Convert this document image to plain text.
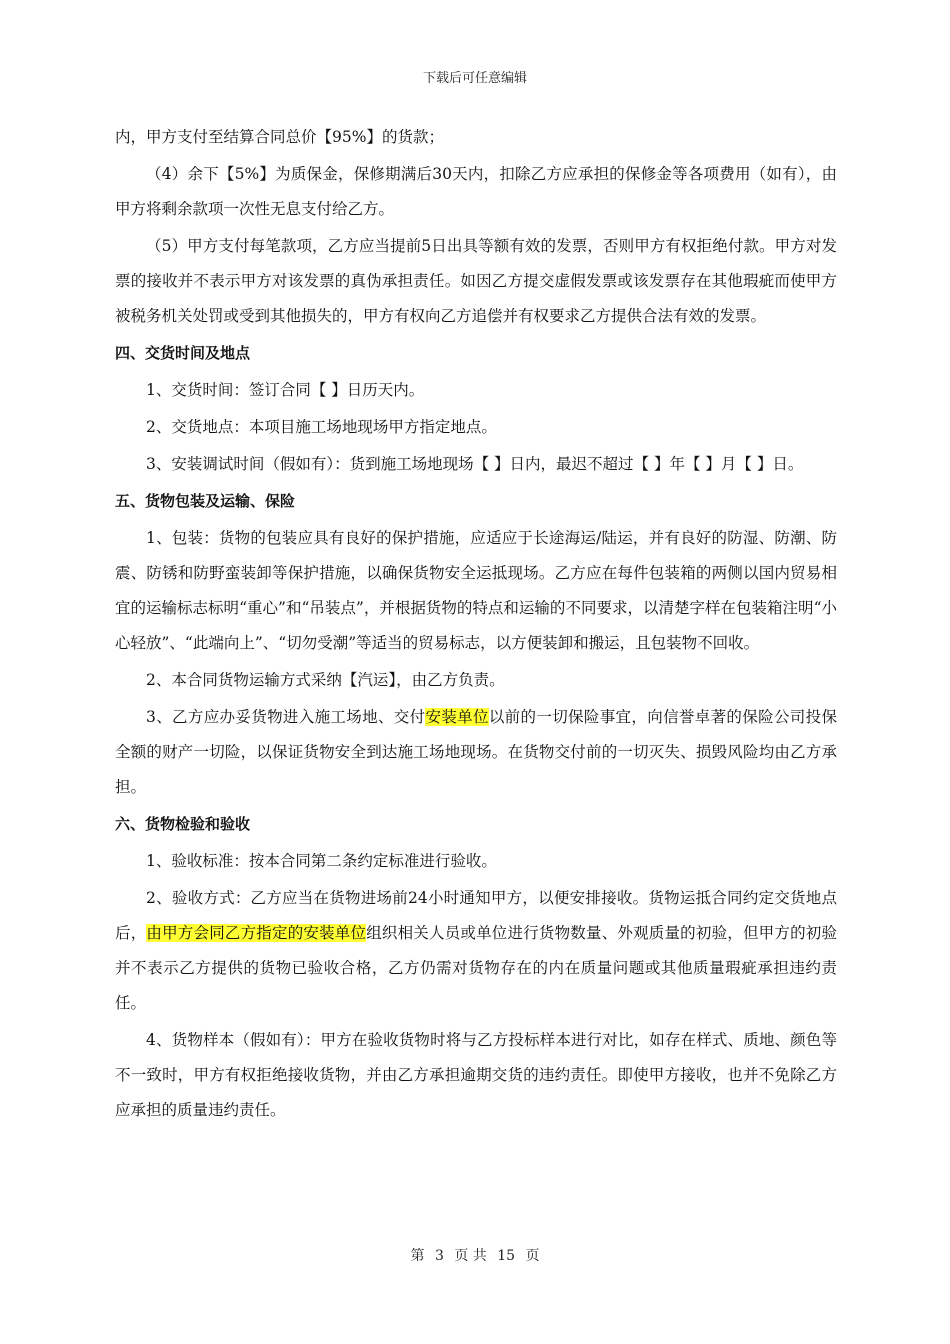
下载后可任意编辑

内，甲方支付至结算合同总价【95%】的货款；

（4）余下【5%】为质保金，保修期满后30天内，扣除乙方应承担的保修金等各项费用（如有），由甲方将剩余款项一次性无息支付给乙方。

（5）甲方支付每笔款项，乙方应当提前5日出具等额有效的发票，否则甲方有权拒绝付款。甲方对发票的接收并不表示甲方对该发票的真伪承担责任。如因乙方提交虚假发票或该发票存在其他瑕疵而使甲方被税务机关处罚或受到其他损失的，甲方有权向乙方追偿并有权要求乙方提供合法有效的发票。

四、交货时间及地点

1、交货时间：签订合同【 】日历天内。

2、交货地点：本项目施工场地现场甲方指定地点。

3、安装调试时间（假如有）：货到施工场地现场【 】日内，最迟不超过【 】年【 】月【 】日。

五、货物包装及运输、保险

1、包装：货物的包装应具有良好的保护措施，应适应于长途海运/陆运，并有良好的防湿、防潮、防震、防锈和防野蛮装卸等保护措施，以确保货物安全运抵现场。乙方应在每件包装箱的两侧以国内贸易相宜的运输标志标明“重心”和“吊装点”，并根据货物的特点和运输的不同要求，以清楚字样在包装箱注明“小心轻放”、“此端向上”、“切勿受潮”等适当的贸易标志，以方便装卸和搬运，且包装物不回收。

2、本合同货物运输方式采纳【汽运】，由乙方负责。

3、乙方应办妥货物进入施工场地、交付安装单位以前的一切保险事宜，向信誉卓著的保险公司投保全额的财产一切险，以保证货物安全到达施工场地现场。在货物交付前的一切灭失、损毁风险均由乙方承担。

六、货物检验和验收

1、验收标准：按本合同第二条约定标准进行验收。

2、验收方式：乙方应当在货物进场前24小时通知甲方，以便安排接收。货物运抵合同约定交货地点后，由甲方会同乙方指定的安装单位组织相关人员或单位进行货物数量、外观质量的初验，但甲方的初验并不表示乙方提供的货物已验收合格，乙方仍需对货物存在的内在质量问题或其他质量瑕疵承担违约责任。

4、货物样本（假如有）：甲方在验收货物时将与乙方投标样本进行对比，如存在样式、质地、颜色等不一致时，甲方有权拒绝接收货物，并由乙方承担逾期交货的违约责任。即使甲方接收，也并不免除乙方应承担的质量违约责任。

第 3 页 共 15 页
